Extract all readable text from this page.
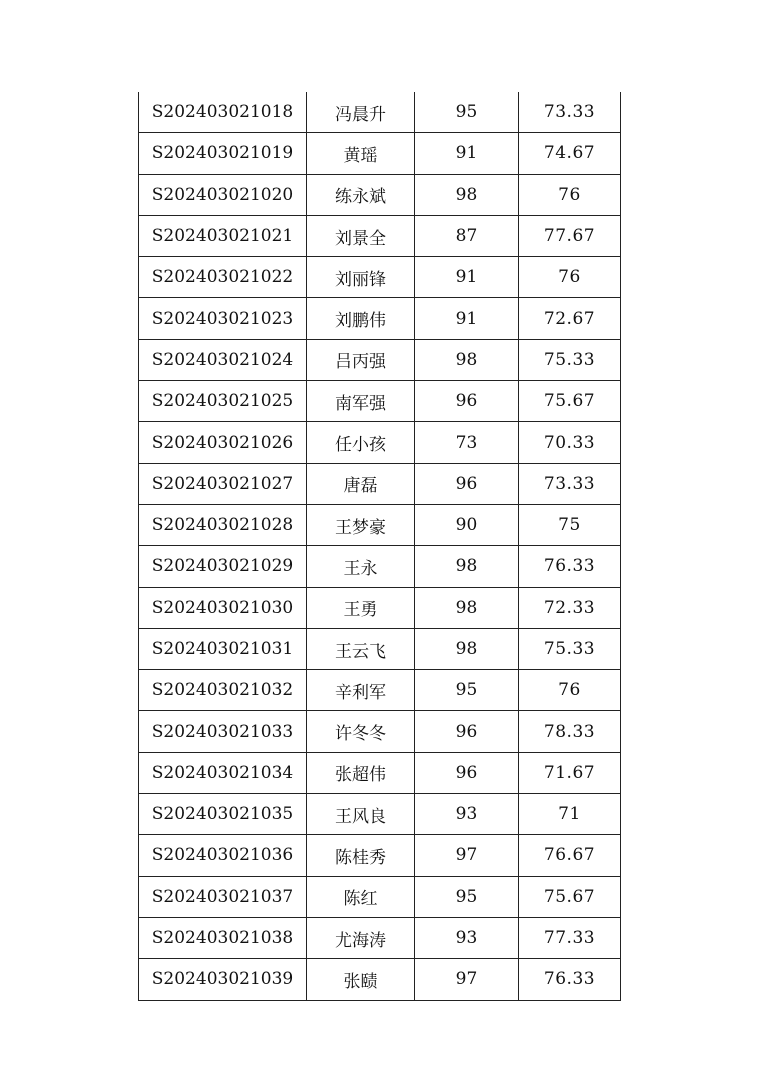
S202403021018	冯晨升	95	73.33
S202403021019	黄瑶	91	74.67
S202403021020	练永斌	98	76
S202403021021	刘景全	87	77.67
S202403021022	刘丽锋	91	76
S202403021023	刘鹏伟	91	72.67
S202403021024	吕丙强	98	75.33
S202403021025	南军强	96	75.67
S202403021026	任小孩	73	70.33
S202403021027	唐磊	96	73.33
S202403021028	王梦豪	90	75
S202403021029	王永	98	76.33
S202403021030	王勇	98	72.33
S202403021031	王云飞	98	75.33
S202403021032	辛利军	95	76
S202403021033	许冬冬	96	78.33
S202403021034	张超伟	96	71.67
S202403021035	王风良	93	71
S202403021036	陈桂秀	97	76.67
S202403021037	陈红	95	75.67
S202403021038	尤海涛	93	77.33
S202403021039	张赜	97	76.33
